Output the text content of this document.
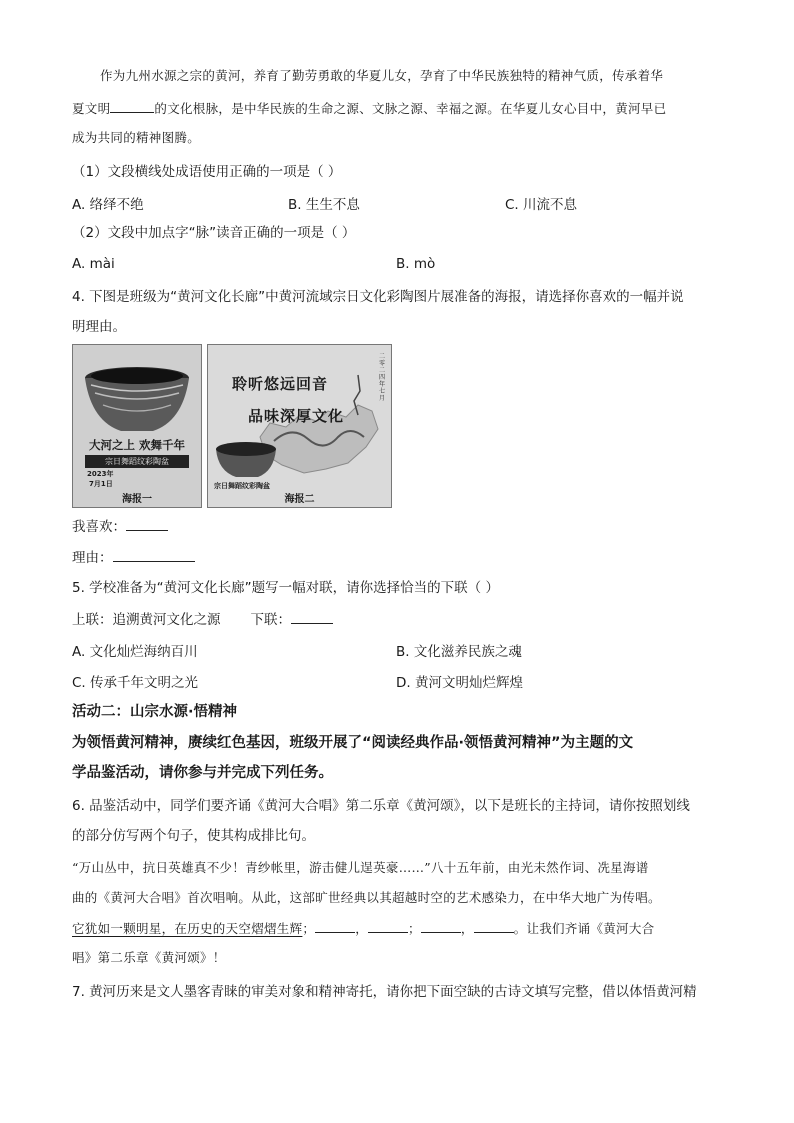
作为九州水源之宗的黄河，养育了勤劳勇敢的华夏儿女，孕育了中华民族独特的精神气质，传承着华
夏文明	的文化根脉，是中华民族的生命之源、文脉之源、幸福之源。在华夏儿女心目中，黄河早已
成为共同的精神图腾。
（1）文段横线处成语使用正确的一项是（ ）
A. 络绎不绝	B. 生生不息	C. 川流不息
（2）文段中加点字“脉”读音正确的一项是（ ）
A. mài	B. mò
4. 下图是班级为“黄河文化长廊”中黄河流域宗日文化彩陶图片展准备的海报，请选择你喜欢的一幅并说
明理由。
大河之上 欢舞千年
宗日舞蹈纹彩陶盆
2023年
7月1日
海报一
聆听悠远回音
品味深厚文化
二零二四年七月
宗日舞蹈纹彩陶盆
海报二
我喜欢：
理由：
5. 学校准备为“黄河文化长廊”题写一幅对联，请你选择恰当的下联（ ）
上联：追溯黄河文化之源 下联：
A. 文化灿烂海纳百川	B. 文化滋养民族之魂
C. 传承千年文明之光	D. 黄河文明灿烂辉煌
活动二：山宗水源·悟精神
为领悟黄河精神，赓续红色基因，班级开展了“阅读经典作品·领悟黄河精神”为主题的文
学品鉴活动，请你参与并完成下列任务。
6. 品鉴活动中，同学们要齐诵《黄河大合唱》第二乐章《黄河颂》，以下是班长的主持词，请你按照划线
的部分仿写两个句子，使其构成排比句。
“万山丛中，抗日英雄真不少！青纱帐里，游击健儿逞英豪……”八十五年前，由光未然作词、冼星海谱
曲的《黄河大合唱》首次唱响。从此，这部旷世经典以其超越时空的艺术感染力，在中华大地广为传唱。
它犹如一颗明星，在历史的天空熠熠生辉；	，	；	，	。让我们齐诵《黄河大合
唱》第二乐章《黄河颂》！
7. 黄河历来是文人墨客青睐的审美对象和精神寄托，请你把下面空缺的古诗文填写完整，借以体悟黄河精
